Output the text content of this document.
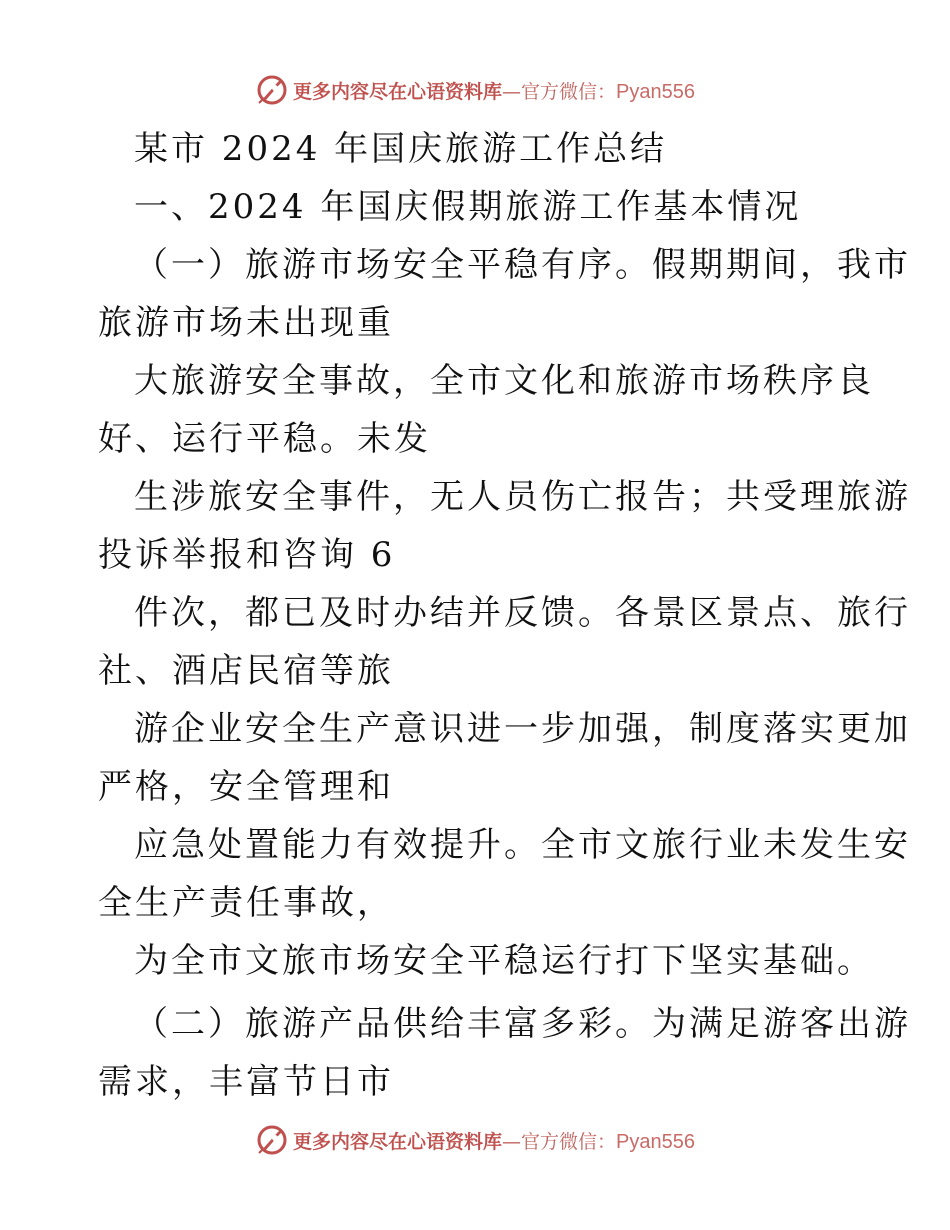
更多内容尽在心语资料库—官方微信：Pyan556
某市 2024 年国庆旅游工作总结
一、2024 年国庆假期旅游工作基本情况
（一）旅游市场安全平稳有序。假期期间，我市
旅游市场未出现重
大旅游安全事故，全市文化和旅游市场秩序良
好、运行平稳。未发
生涉旅安全事件，无人员伤亡报告；共受理旅游
投诉举报和咨询 6
件次，都已及时办结并反馈。各景区景点、旅行
社、酒店民宿等旅
游企业安全生产意识进一步加强，制度落实更加
严格，安全管理和
应急处置能力有效提升。全市文旅行业未发生安
全生产责任事故，
为全市文旅市场安全平稳运行打下坚实基础。
（二）旅游产品供给丰富多彩。为满足游客出游
需求，丰富节日市
更多内容尽在心语资料库—官方微信：Pyan556
